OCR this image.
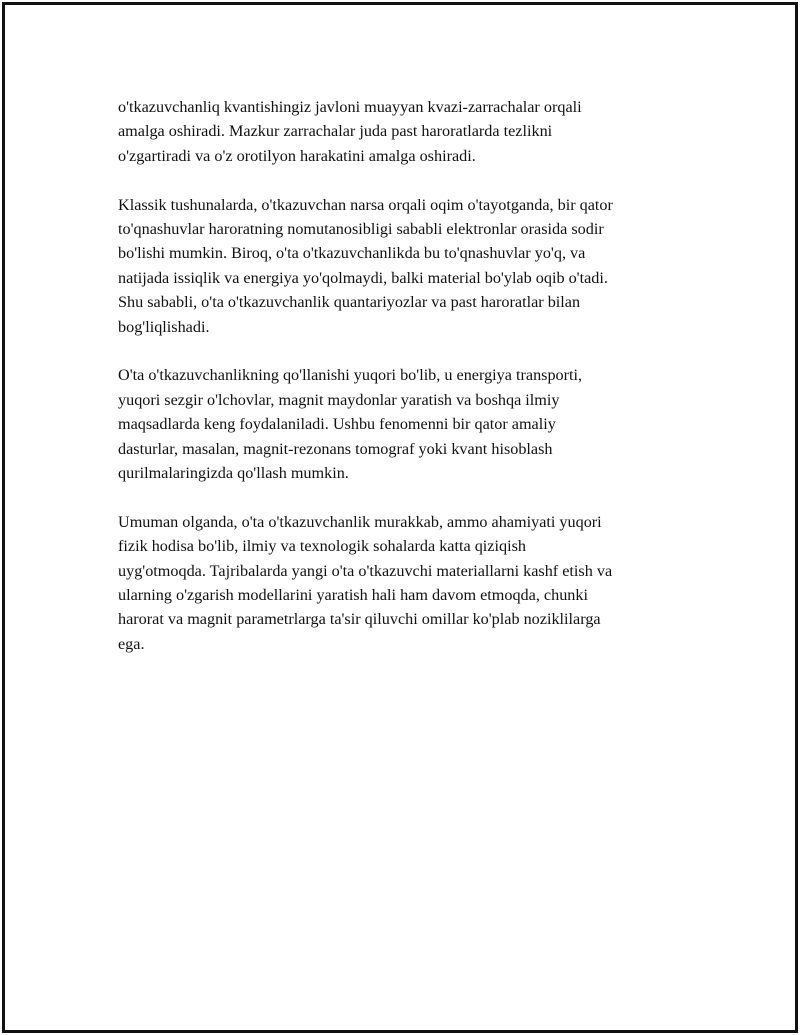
o'tkazuvchanliq kvantishingiz javloni muayyan kvazi-zarrachalar orqali
amalga oshiradi. Mazkur zarrachalar juda past haroratlarda tezlikni
o'zgartiradi va o'z orotilyon harakatini amalga oshiradi.

Klassik tushunalarda, o'tkazuvchan narsa orqali oqim o'tayotganda, bir qator
to'qnashuvlar haroratning nomutanosibligi sababli elektronlar orasida sodir
bo'lishi mumkin. Biroq, o'ta o'tkazuvchanlikda bu to'qnashuvlar yo'q, va
natijada issiqlik va energiya yo'qolmaydi, balki material bo'ylab oqib o'tadi.
Shu sababli, o'ta o'tkazuvchanlik quantariyozlar va past haroratlar bilan
bog'liqlishadi.

O'ta o'tkazuvchanlikning qo'llanishi yuqori bo'lib, u energiya transporti,
yuqori sezgir o'lchovlar, magnit maydonlar yaratish va boshqa ilmiy
maqsadlarda keng foydalaniladi. Ushbu fenomenni bir qator amaliy
dasturlar, masalan, magnit-rezonans tomograf yoki kvant hisoblash
qurilmalaringizda qo'llash mumkin.

Umuman olganda, o'ta o'tkazuvchanlik murakkab, ammo ahamiyati yuqori
fizik hodisa bo'lib, ilmiy va texnologik sohalarda katta qiziqish
uyg'otmoqda. Tajribalarda yangi o'ta o'tkazuvchi materiallarni kashf etish va
ularning o'zgarish modellarini yaratish hali ham davom etmoqda, chunki
harorat va magnit parametrlarga ta'sir qiluvchi omillar ko'plab noziklilarga
ega.
